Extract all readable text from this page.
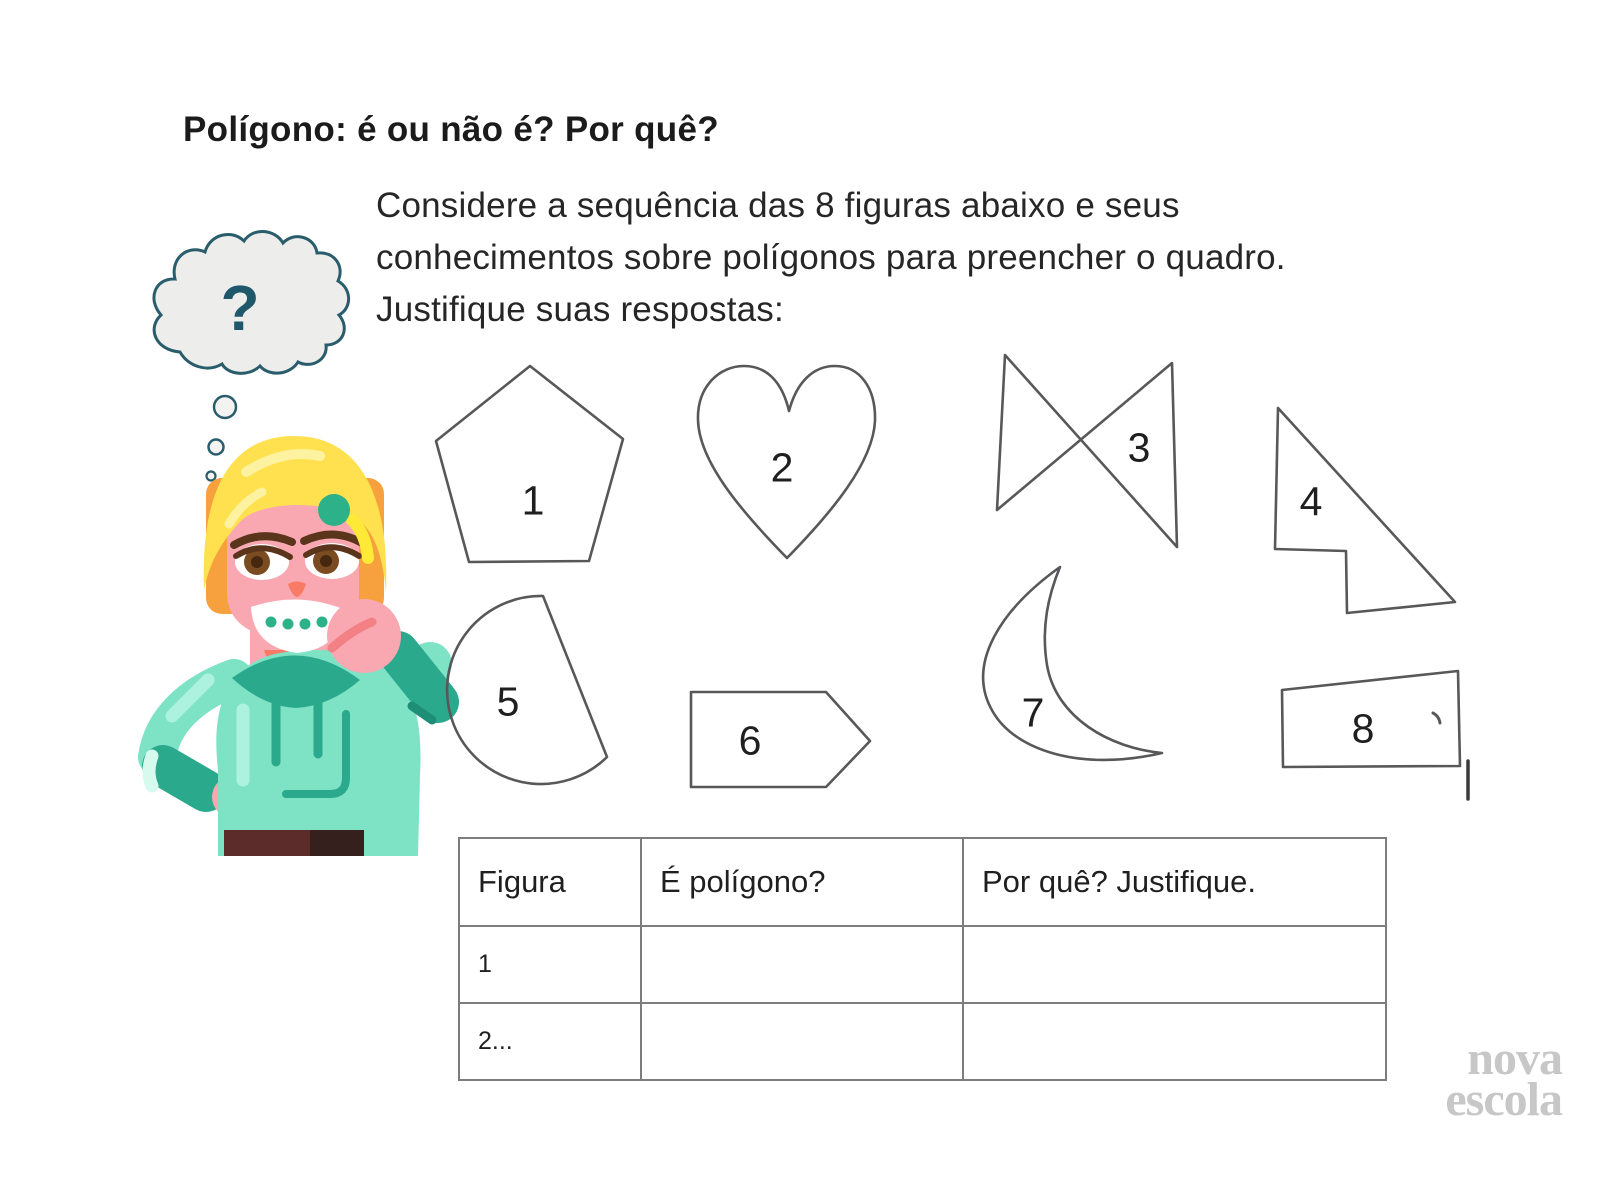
?
Polígono: é ou não é? Por quê?
Considere a sequência das 8 figuras abaixo e seus
conhecimentos sobre polígonos para preencher o quadro.
Justifique suas respostas:
1
2	3
4
5
6
7	8
Figura	É polígono?	Por quê? Justifique.
1		
2...			nova
escola
